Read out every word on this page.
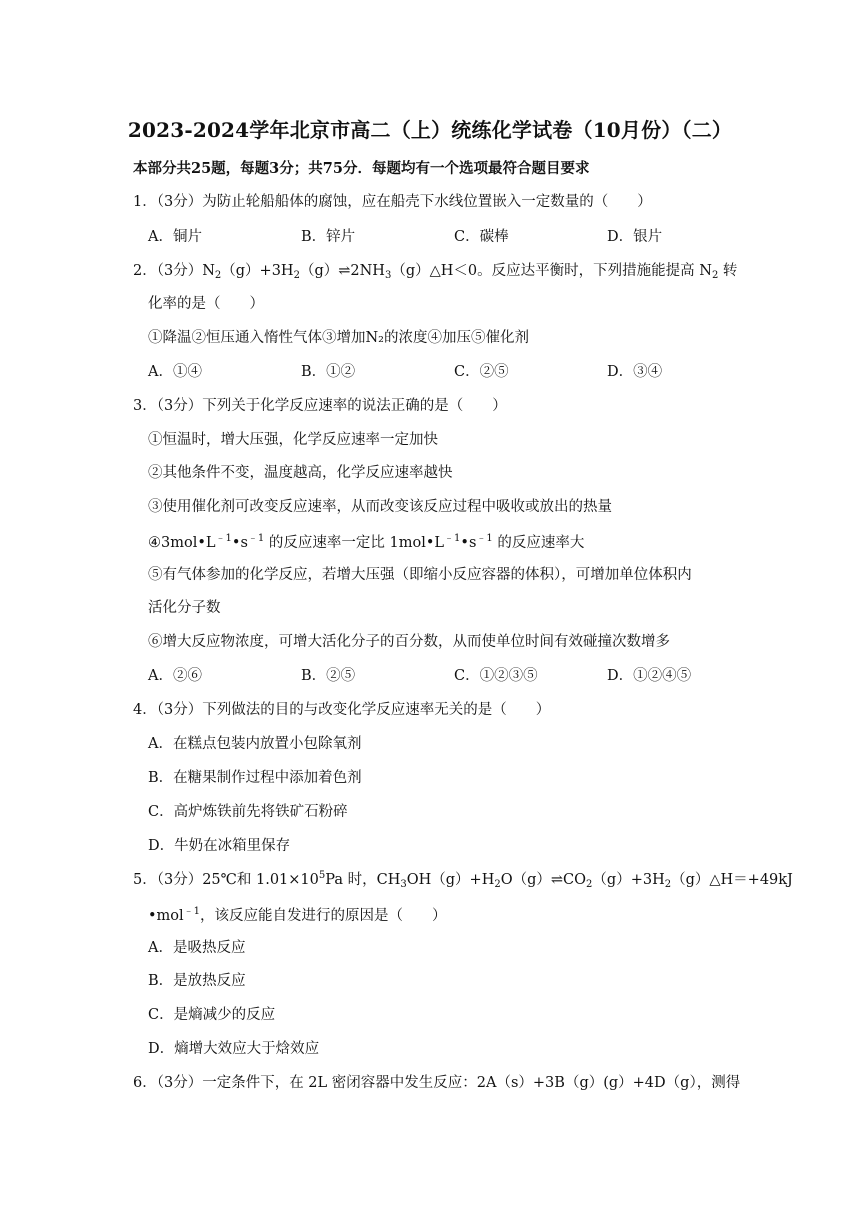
2023-2024学年北京市高二（上）统练化学试卷（10月份）（二）
本部分共25题，每题3分；共75分．每题均有一个选项最符合题目要求
1．（3分）为防止轮船船体的腐蚀，应在船壳下水线位置嵌入一定数量的（　　）
A．铜片	B．锌片	C．碳棒	D．银片
2．（3分）$N_2(g)+3H_2(g)\rightleftharpoons 2NH_3(g)\triangle H<0$。反应达平衡时，下列措施能提高 $N_2$ 转
化率的是（　　）
①降温②恒压通入惰性气体③增加N₂的浓度④加压⑤催化剂
A．①④	B．①②	C．②⑤	D．③④
3．（3分）下列关于化学反应速率的说法正确的是（　　）
①恒温时，增大压强，化学反应速率一定加快
②其他条件不变，温度越高，化学反应速率越快
③使用催化剂可改变反应速率，从而改变该反应过程中吸收或放出的热量
$④3mol•L^{﹣1}•s^{﹣1}$ 的反应速率一定比 $1mol•L^{﹣1}•s^{﹣1}$ 的反应速率大
⑤有气体参加的化学反应，若增大压强（即缩小反应容器的体积），可增加单位体积内
活化分子数
⑥增大反应物浓度，可增大活化分子的百分数，从而使单位时间有效碰撞次数增多
A．②⑥	B．②⑤	C．①②③⑤	D．①②④⑤
4．（3分）下列做法的目的与改变化学反应速率无关的是（　　）
A．在糕点包装内放置小包除氧剂
B．在糖果制作过程中添加着色剂
C．高炉炼铁前先将铁矿石粉碎
D．牛奶在冰箱里保存
5．（3分）25℃和 $1.01\times 10^5Pa$ 时，$CH_3OH(g)+H_2O(g)\rightleftharpoons CO_2(g)+3H_2(g)\triangle H=+49kJ$
•mol$^{﹣1}$，该反应能自发进行的原因是（　　）
A．是吸热反应
B．是放热反应
C．是熵减少的反应
D．熵增大效应大于焓效应
6．（3分）一定条件下，在 2L 密闭容器中发生反应：2A（s）+3B（g）(g）+4D（g），测得
